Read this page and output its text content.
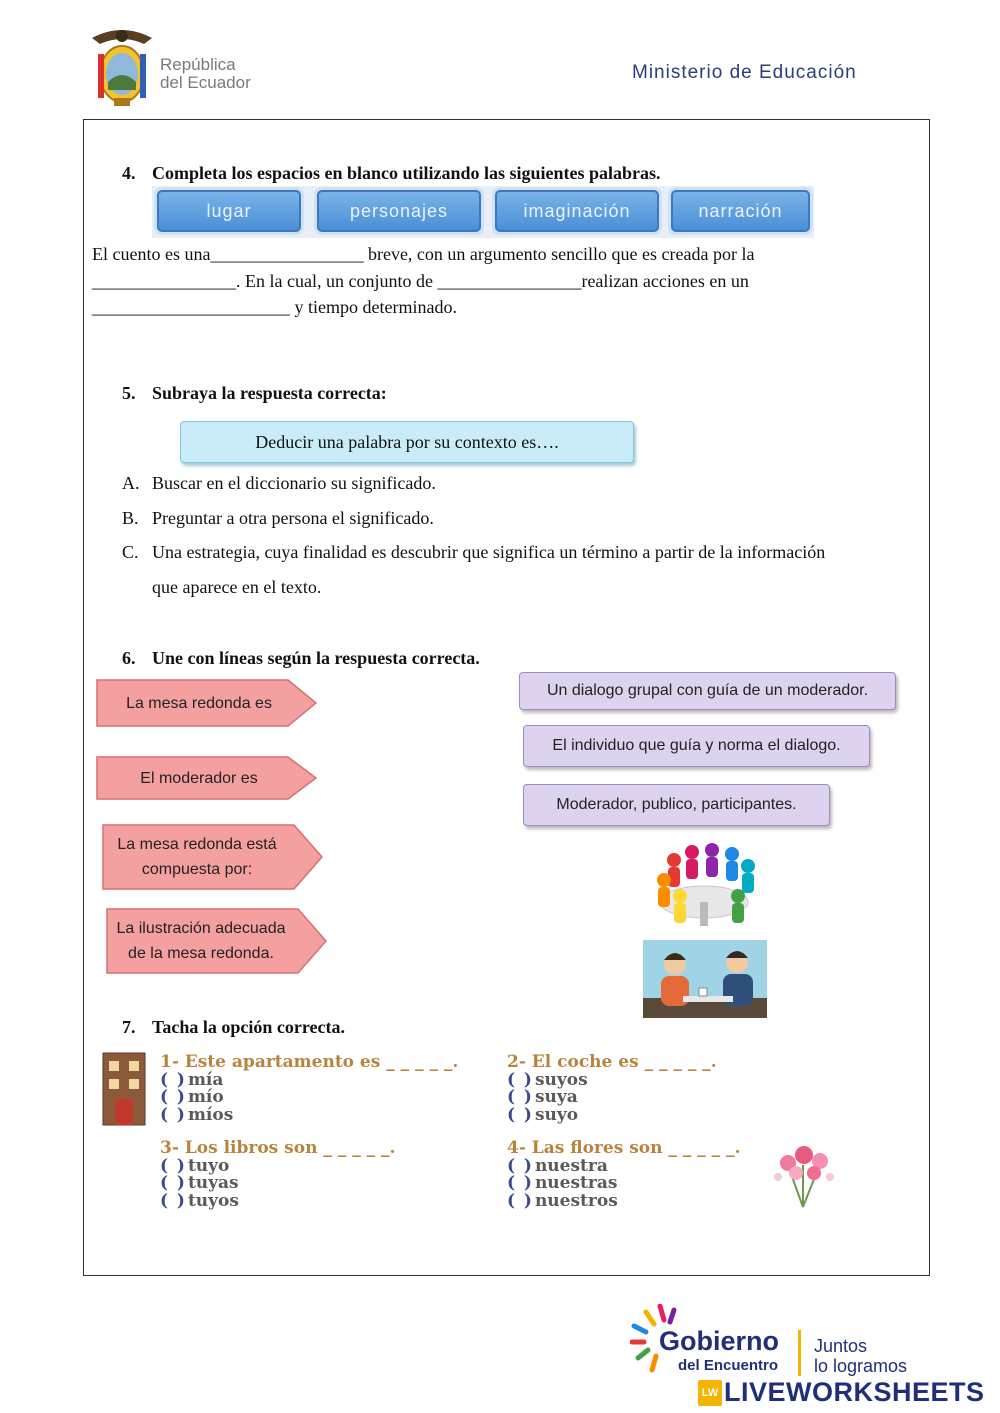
República
del Ecuador	Ministerio de Educación
4. Completa los espacios en blanco utilizando las siguientes palabras.
lugar	personajes	imaginación	narración
El cuento es una_________________ breve, con un argumento sencillo que es creada por la
________________. En la cual, un conjunto de ________________realizan acciones en un
______________________ y tiempo determinado.
5. Subraya la respuesta correcta:
Deducir una palabra por su contexto es….
A. Buscar en el diccionario su significado.
B. Preguntar a otra persona el significado.
C. Una estrategia, cuya finalidad es descubrir que significa un término a partir de la información
que aparece en el texto.
6. Une con líneas según la respuesta correcta.
La mesa redonda es
El moderador es
La mesa redonda está
compuesta por:
La ilustración adecuada
de la mesa redonda.
Un dialogo grupal con guía de un moderador.
El individuo que guía y norma el dialogo.
Moderador, publico, participantes.
7. Tacha la opción correcta.
1- Este apartamento es _ _ _ _ _.
(  ) mía
(  ) mío
(  ) míos
2- El coche es _ _ _ _ _.
(  ) suyos
(  ) suya
(  ) suyo
3- Los libros son _ _ _ _ _.
(  ) tuyo
(  ) tuyas
(  ) tuyos
4- Las flores son _ _ _ _ _.
(  ) nuestra
(  ) nuestras
(  ) nuestros
Gobierno
del Encuentro
Juntos
lo logramos
LW LIVEWORKSHEETS
